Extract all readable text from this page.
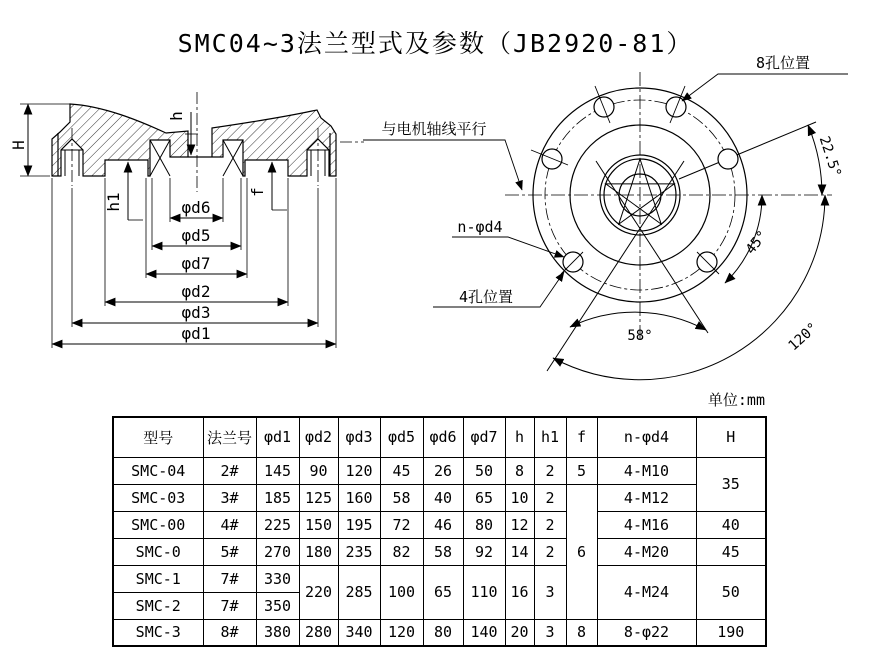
SMC04~3法兰型式及参数（JB2920-81）
H
h
h1
f
φd6
φd5
φd7
φd2
φd3
φd1
8孔位置
与电机轴线平行
n-φd4
4孔位置
22.5°
45°
58°	120°
单位:mm
型号	法兰号	φd1	φd2	φd3	φd5	φd6	φd7	h	h1	f	n-φd4	H
SMC-04	2#	145	90	120	45	26	50	8	2	5	4-M10	35
SMC-03	3#	185	125	160	58	40	65	10	2	6	4-M12	
SMC-00	4#	225	150	195	72	46	80	12	2		4-M16	40
SMC-0	5#	270	180	235	82	58	92	14	2		4-M20	45
SMC-1	7#	330	220	285	100	65	110	16	3		4-M24	50
SMC-2	7#	350										
SMC-3	8#	380	280	340	120	80	140	20	3	8	8-φ22	190
